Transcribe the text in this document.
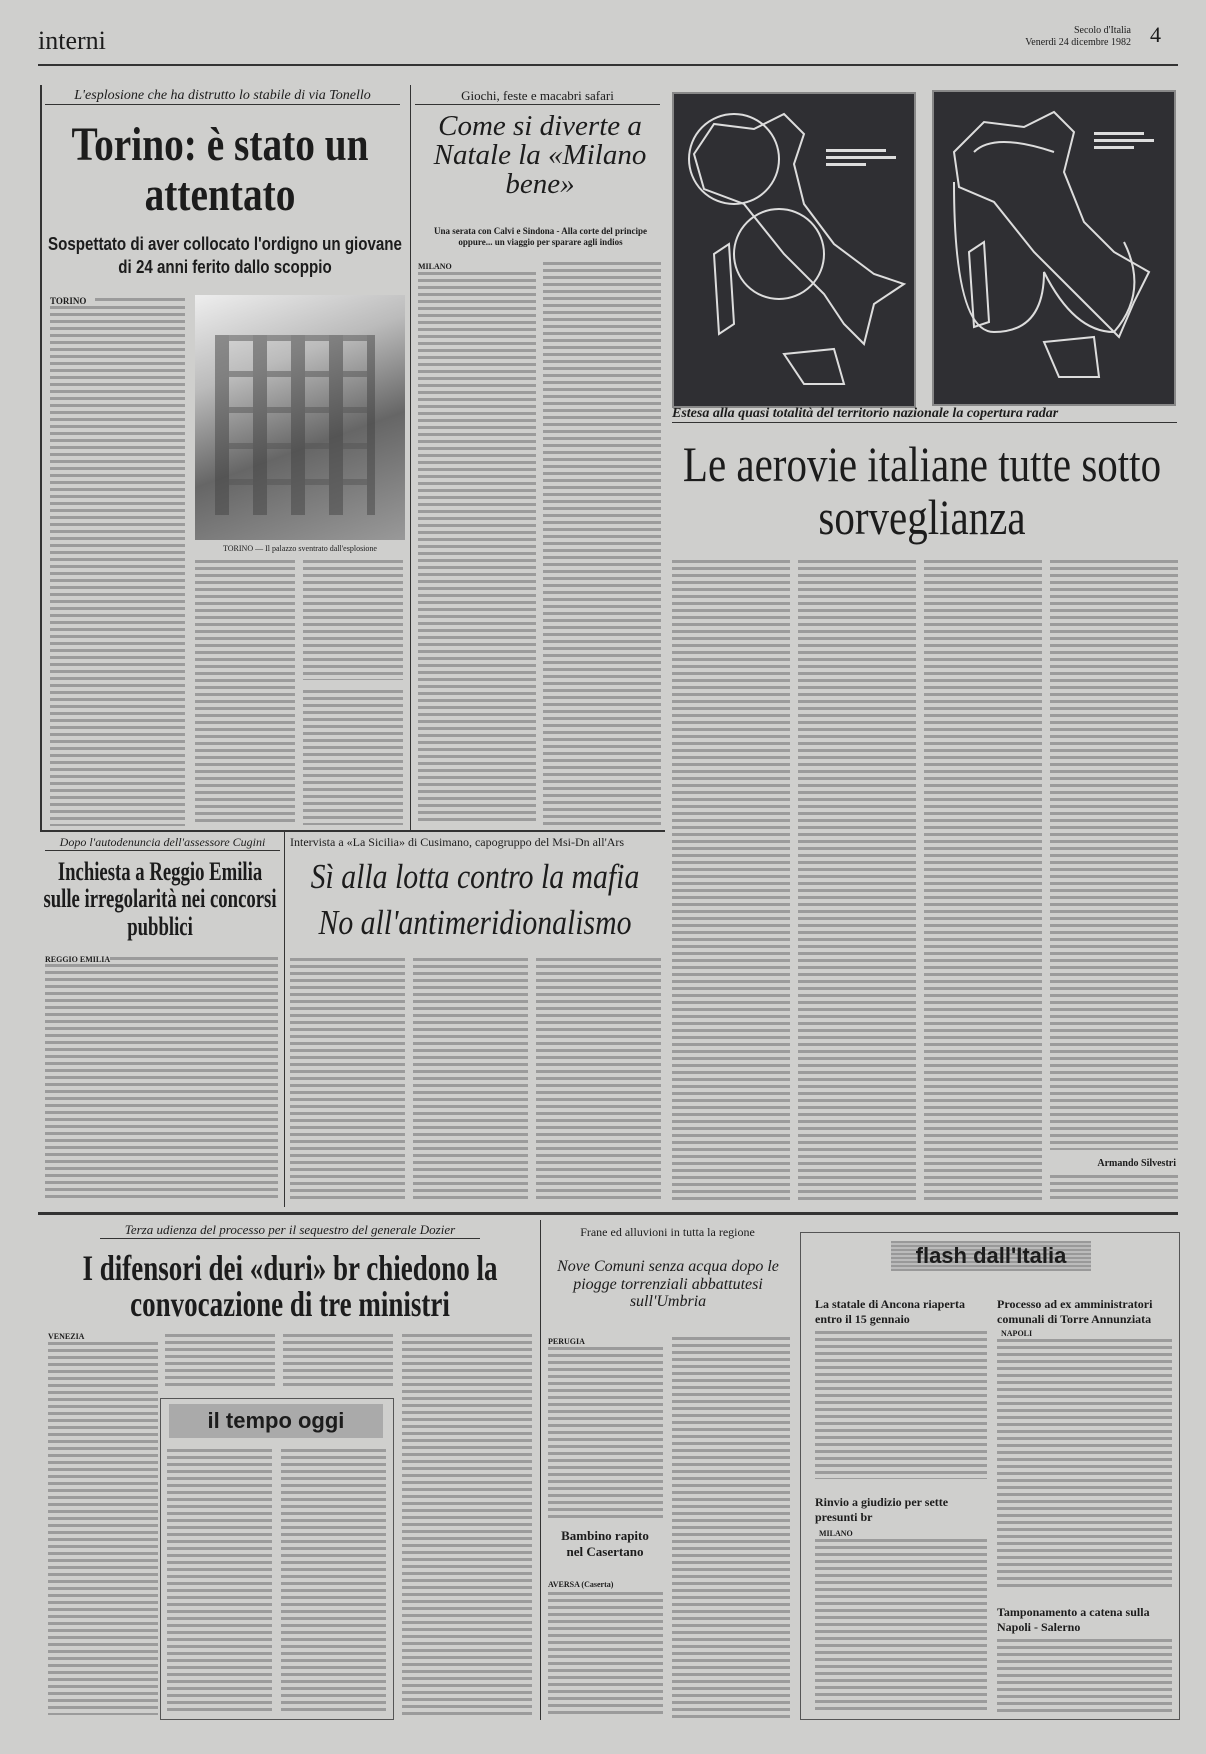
interni	Secolo d'Italia
Venerdì 24 dicembre 1982 4
L'esplosione che ha distrutto lo stabile di via Tonello
Torino: è stato un attentato
Sospettato di aver collocato l'ordigno un giovane di 24 anni ferito dallo scoppio
TORINO
TORINO — Il palazzo sventrato dall'esplosione
Giochi, feste e macabri safari
Come si diverte a Natale la «Milano bene»
Una serata con Calvi e Sindona - Alla corte del principe oppure... un viaggio per sparare agli indios
MILANO
Estesa alla quasi totalità del territorio nazionale la copertura radar
Le aerovie italiane tutte sotto sorveglianza
Armando Silvestri
Dopo l'autodenuncia dell'assessore Cugini
Inchiesta a Reggio Emilia sulle irregolarità nei concorsi pubblici
REGGIO EMILIA
Intervista a «La Sicilia» di Cusimano, capogruppo del Msi-Dn all'Ars
Sì alla lotta contro la mafia
No all'antimeridionalismo
Terza udienza del processo per il sequestro del generale Dozier
I difensori dei «duri» br chiedono la convocazione di tre ministri
VENEZIA
il tempo oggi
Frane ed alluvioni in tutta la regione
Nove Comuni senza acqua dopo le piogge torrenziali abbattutesi sull'Umbria
PERUGIA
Bambino rapito nel Casertano
AVERSA (Caserta)
flash dall'Italia
La statale di Ancona riaperta entro il 15 gennaio
Rinvio a giudizio per sette presunti br
MILANO
Processo ad ex amministratori comunali di Torre Annunziata
NAPOLI
Tamponamento a catena sulla Napoli - Salerno
